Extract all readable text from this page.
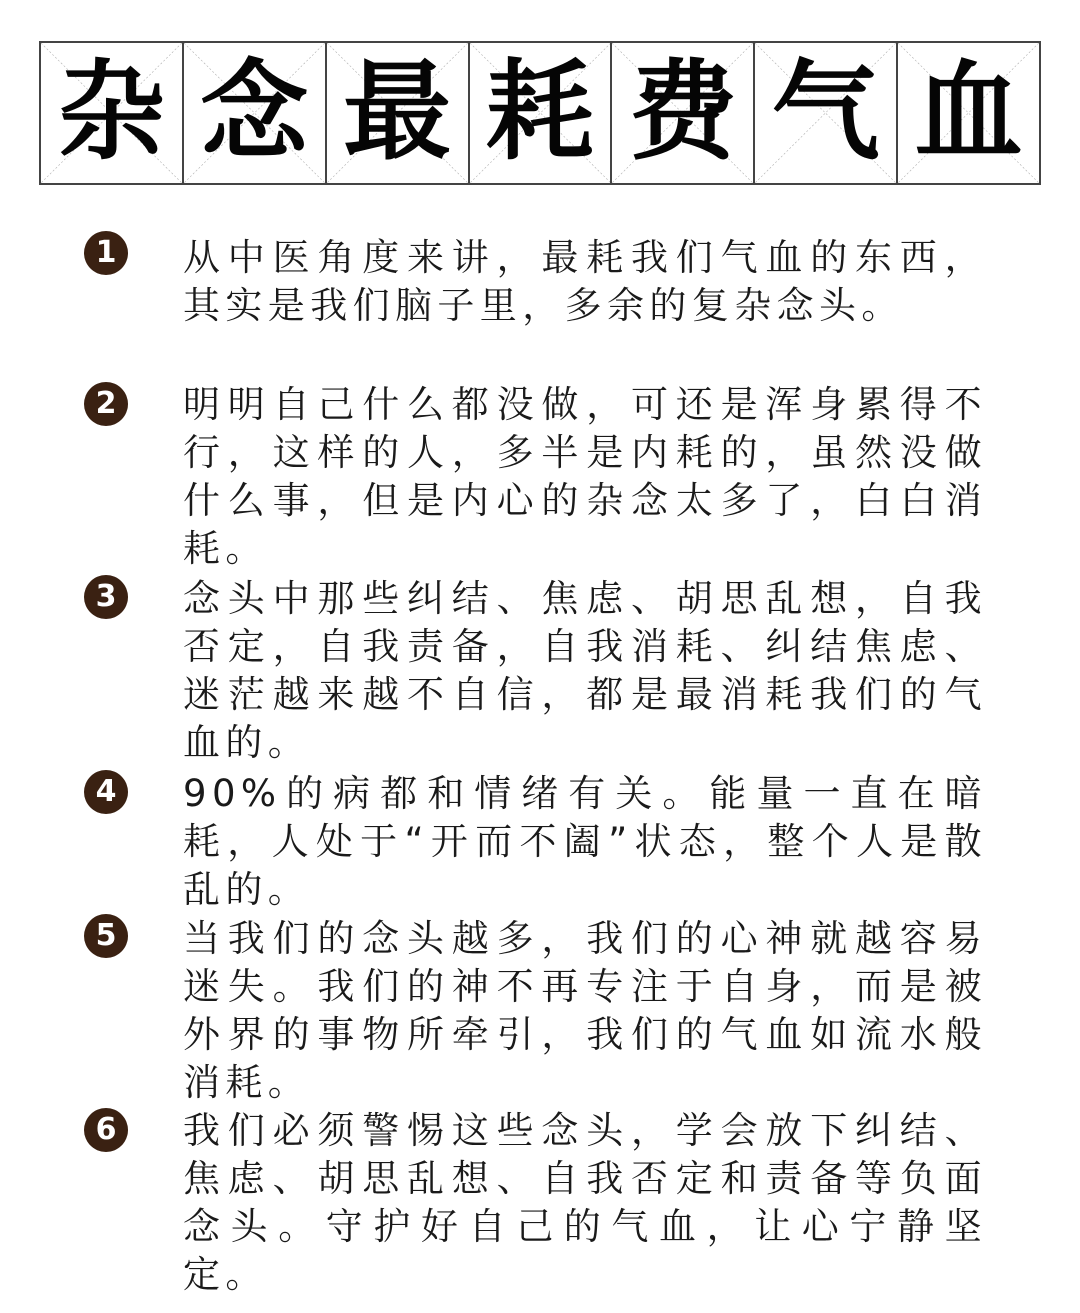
杂 念 最 耗 费 气 血
1	从中医角度来讲，最耗我们气血的东西，其实是我们脑子里，多余的复杂念头。

2	明明自己什么都没做，可还是浑身累得不行，这样的人，多半是内耗的，虽然没做什么事，但是内心的杂念太多了，白白消耗。

3	念头中那些纠结、焦虑、胡思乱想，自我否定，自我责备，自我消耗、纠结焦虑、迷茫越来越不自信，都是最消耗我们的气血的。

4	90%的病都和情绪有关。能量一直在暗耗，人处于“开而不阖”状态，整个人是散乱的。

5	当我们的念头越多，我们的心神就越容易迷失。我们的神不再专注于自身，而是被外界的事物所牵引，我们的气血如流水般消耗。

6	我们必须警惕这些念头，学会放下纠结、焦虑、胡思乱想、自我否定和责备等负面念头。守护好自己的气血，让心宁静坚定。
